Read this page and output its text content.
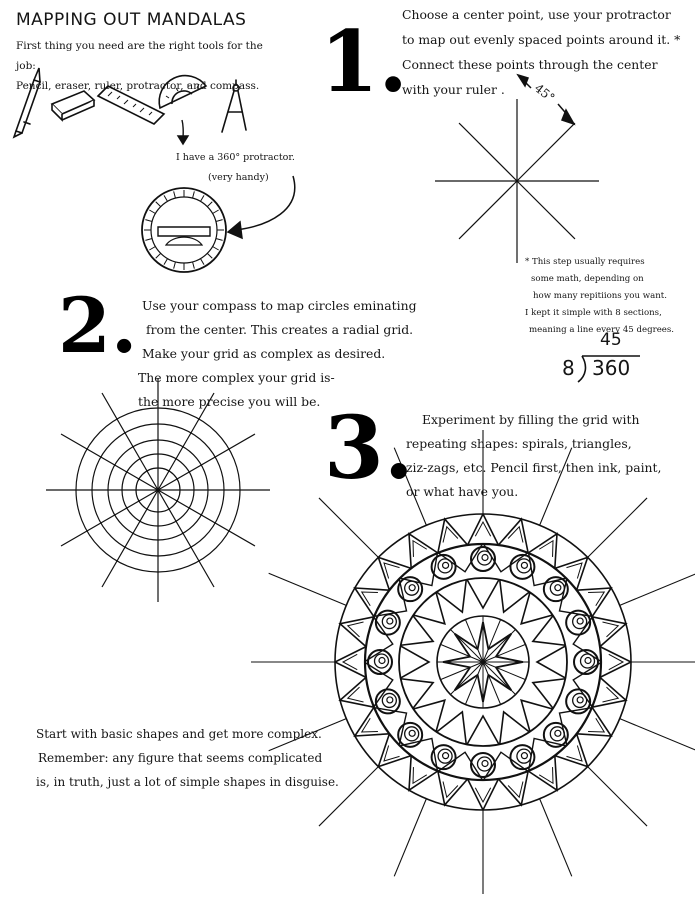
MAPPING OUT MANDALAS
First thing you need are the right tools for the job:
Pencil, eraser, ruler, protractor, and compass.
I have a 360° protractor.
(very handy)
1.
Choose a center point, use your protractor
to map out evenly spaced points around it. *
Connect these points through the center
with your ruler .	45°
* This step usually requires
some math, depending on
how many repitiions you want.
I kept it simple with 8 sections,
meaning a line every 45 degrees.
45
8 360
2. Use your compass to map circles eminating
from the center. This creates a radial grid.
Make your grid as complex as desired.
The more complex your grid is-
the more precise you will be. 3. Experiment by filling the grid with
repeating shapes: spirals, triangles,
ziz-zags, etc. Pencil first, then ink, paint,
or what have you.
Start with basic shapes and get more complex.
Remember: any figure that seems complicated
is, in truth, just a lot of simple shapes in disguise.
